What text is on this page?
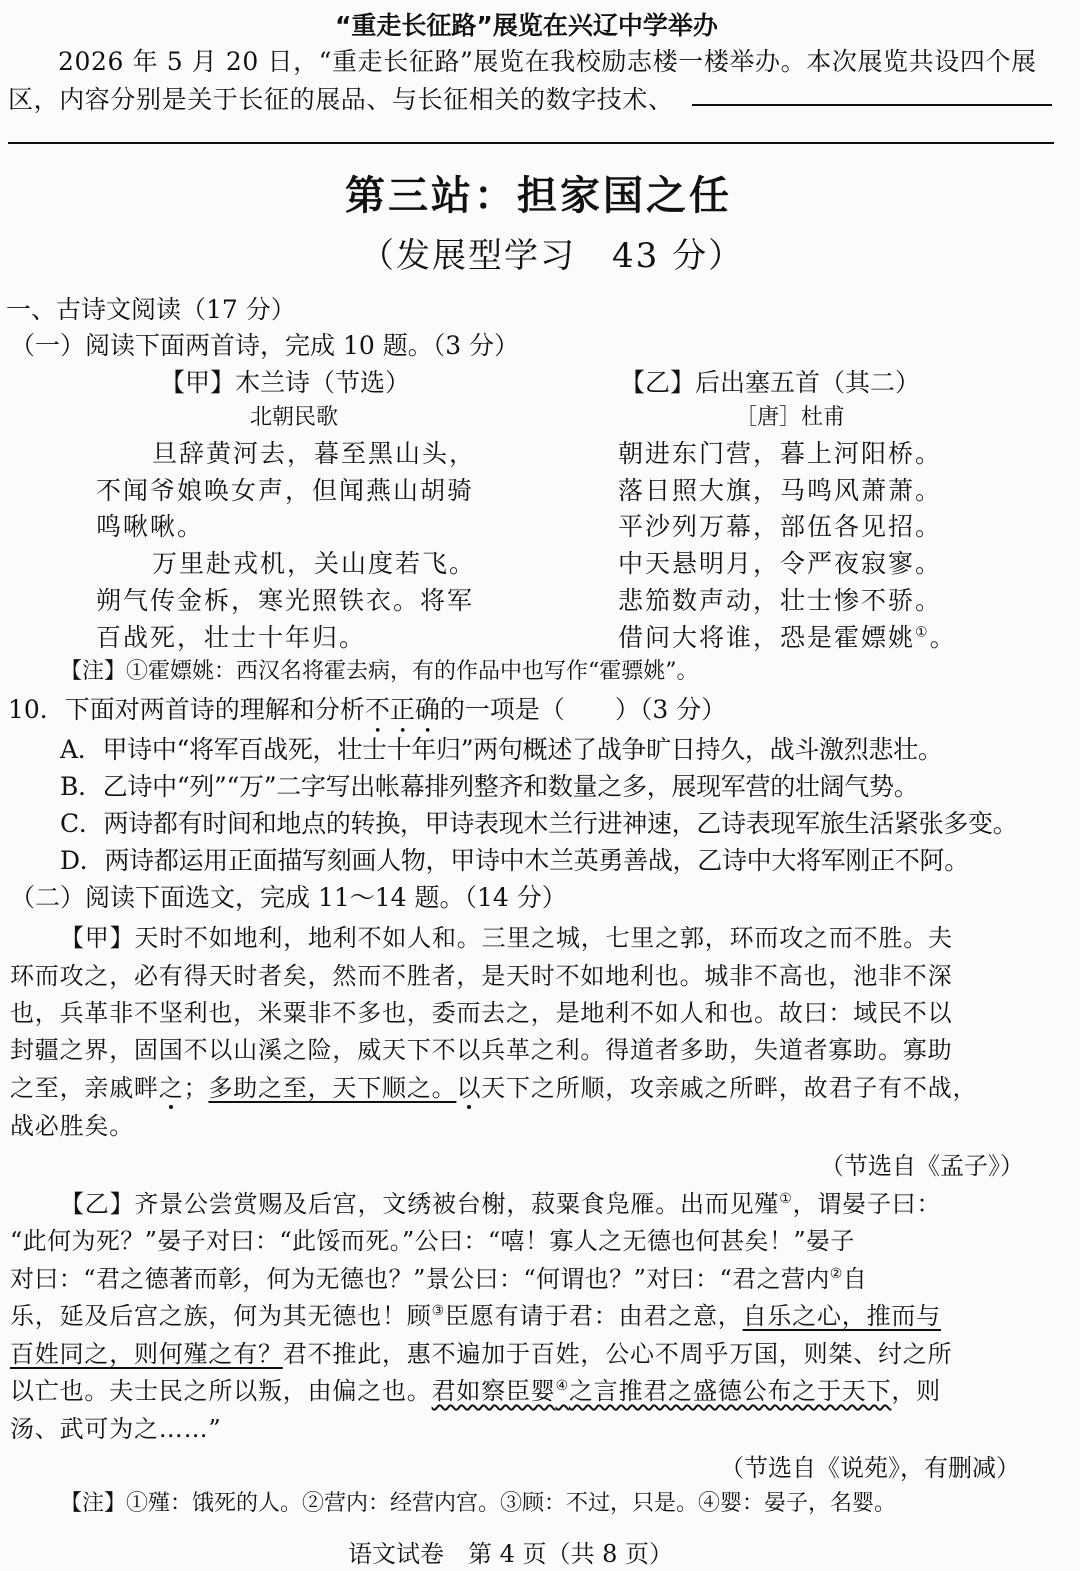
“重走长征路”展览在兴辽中学举办
2026 年 5 月 20 日，“重走长征路”展览在我校励志楼一楼举办。本次展览共设四个展
区，内容分别是关于长征的展品、与长征相关的数字技术、
第三站：担家国之任
（发展型学习　43 分）
一、古诗文阅读（17 分）
（一）阅读下面两首诗，完成 10 题。（3 分）
【甲】木兰诗（节选）
北朝民歌
旦辞黄河去，暮至黑山头，
不闻爷娘唤女声，但闻燕山胡骑
鸣啾啾。
万里赴戎机，关山度若飞。
朔气传金柝，寒光照铁衣。将军
百战死，壮士十年归。
【乙】后出塞五首（其二）
［唐］杜甫
朝进东门营，暮上河阳桥。
落日照大旗，马鸣风萧萧。
平沙列万幕，部伍各见招。
中天悬明月，令严夜寂寥。
悲笳数声动，壮士惨不骄。
借问大将谁，恐是霍嫖姚①。
【注】①霍嫖姚：西汉名将霍去病，有的作品中也写作“霍骠姚”。
10．下面对两首诗的理解和分析不正确的一项是（　　）（3 分）
A．甲诗中“将军百战死，壮士十年归”两句概述了战争旷日持久，战斗激烈悲壮。
B．乙诗中“列”“万”二字写出帐幕排列整齐和数量之多，展现军营的壮阔气势。
C．两诗都有时间和地点的转换，甲诗表现木兰行进神速，乙诗表现军旅生活紧张多变。
D．两诗都运用正面描写刻画人物，甲诗中木兰英勇善战，乙诗中大将军刚正不阿。
（二）阅读下面选文，完成 11～14 题。（14 分）
【甲】天时不如地利，地利不如人和。三里之城，七里之郭，环而攻之而不胜。夫
环而攻之，必有得天时者矣，然而不胜者，是天时不如地利也。城非不高也，池非不深
也，兵革非不坚利也，米粟非不多也，委而去之，是地利不如人和也。故曰：域民不以
封疆之界，固国不以山溪之险，威天下不以兵革之利。得道者多助，失道者寡助。寡助
之至，亲戚畔之；多助之至，天下顺之。以天下之所顺，攻亲戚之所畔，故君子有不战，
战必胜矣。
（节选自《孟子》）
【乙】齐景公尝赏赐及后宫，文绣被台榭，菽粟食凫雁。出而见殣①，谓晏子曰：
“此何为死？”晏子对曰：“此馁而死。”公曰：“嘻！寡人之无德也何甚矣！”晏子
对曰：“君之德著而彰，何为无德也？”景公曰：“何谓也？”对曰：“君之营内②自
乐，延及后宫之族，何为其无德也！顾③臣愿有请于君：由君之意，自乐之心，推而与
百姓同之，则何殣之有？君不推此，惠不遍加于百姓，公心不周乎万国，则桀、纣之所
以亡也。夫士民之所以叛，由偏之也。君如察臣婴④之言推君之盛德公布之于天下，则
汤、武可为之……”
（节选自《说苑》，有删减）
【注】①殣：饿死的人。②营内：经营内宫。③顾：不过，只是。④婴：晏子，名婴。
语文试卷　第 4 页（共 8 页）
